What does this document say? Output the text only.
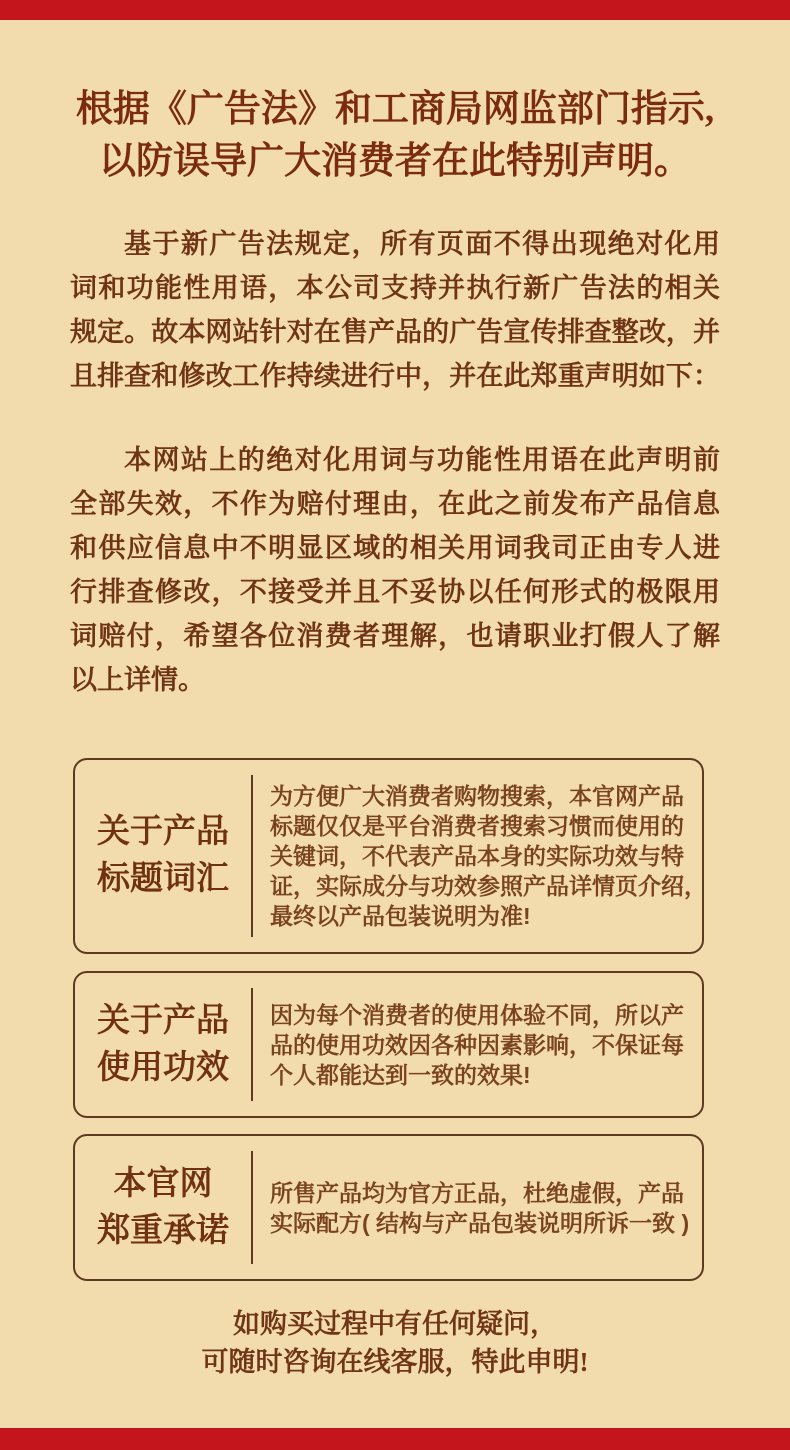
根据《广告法》和工商局网监部门指示,
以防误导广大消费者在此特别声明。
基于新广告法规定，所有页面不得出现绝对化用
词和功能性用语，本公司支持并执行新广告法的相关
规定。故本网站针对在售产品的广告宣传排查整改，并
且排查和修改工作持续进行中，并在此郑重声明如下：
本网站上的绝对化用词与功能性用语在此声明前
全部失效，不作为赔付理由，在此之前发布产品信息
和供应信息中不明显区域的相关用词我司正由专人进
行排查修改，不接受并且不妥协以任何形式的极限用
词赔付，希望各位消费者理解，也请职业打假人了解
以上详情。
关于产品
标题词汇
为方便广大消费者购物搜索，本官网产品
标题仅仅是平台消费者搜索习惯而使用的
关键词，不代表产品本身的实际功效与特
证，实际成分与功效参照产品详情页介绍，
最终以产品包装说明为准!
关于产品
使用功效
因为每个消费者的使用体验不同，所以产
品的使用功效因各种因素影响，不保证每
个人都能达到一致的效果!
本官网
郑重承诺
所售产品均为官方正品，杜绝虚假，产品
实际配方( 结构与产品包装说明所诉一致 )
如购买过程中有任何疑问，
可随时咨询在线客服，特此申明!
